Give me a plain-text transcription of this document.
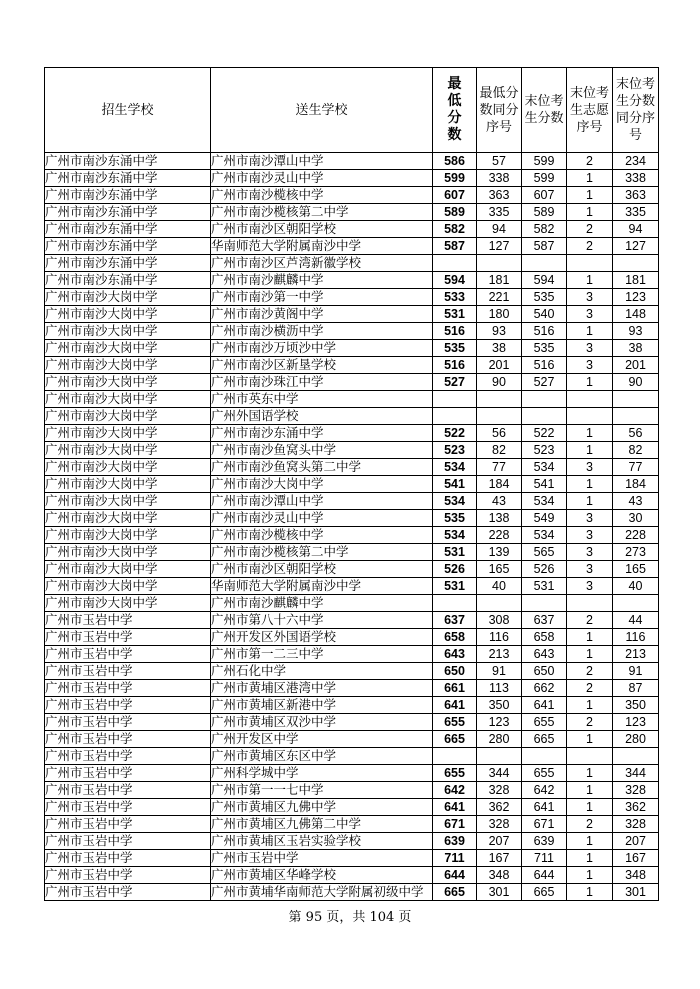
招生学校	送生学校	最低分数	最低分数同分序号	末位考生分数	末位考生志愿序号	末位考生分数同分序号

广州市南沙东涌中学	广州市南沙潭山中学	586	57	599	2	234
广州市南沙东涌中学	广州市南沙灵山中学	599	338	599	1	338
广州市南沙东涌中学	广州市南沙榄核中学	607	363	607	1	363
广州市南沙东涌中学	广州市南沙榄核第二中学	589	335	589	1	335
广州市南沙东涌中学	广州市南沙区朝阳学校	582	94	582	2	94
广州市南沙东涌中学	华南师范大学附属南沙中学	587	127	587	2	127
广州市南沙东涌中学	广州市南沙区芦湾新徽学校					
广州市南沙东涌中学	广州市南沙麒麟中学	594	181	594	1	181
广州市南沙大岗中学	广州市南沙第一中学	533	221	535	3	123
广州市南沙大岗中学	广州市南沙黄阁中学	531	180	540	3	148
广州市南沙大岗中学	广州市南沙横沥中学	516	93	516	1	93
广州市南沙大岗中学	广州市南沙万顷沙中学	535	38	535	3	38
广州市南沙大岗中学	广州市南沙区新垦学校	516	201	516	3	201
广州市南沙大岗中学	广州市南沙珠江中学	527	90	527	1	90
广州市南沙大岗中学	广州市英东中学					
广州市南沙大岗中学	广州外国语学校					
广州市南沙大岗中学	广州市南沙东涌中学	522	56	522	1	56
广州市南沙大岗中学	广州市南沙鱼窝头中学	523	82	523	1	82
广州市南沙大岗中学	广州市南沙鱼窝头第二中学	534	77	534	3	77
广州市南沙大岗中学	广州市南沙大岗中学	541	184	541	1	184
广州市南沙大岗中学	广州市南沙潭山中学	534	43	534	1	43
广州市南沙大岗中学	广州市南沙灵山中学	535	138	549	3	30
广州市南沙大岗中学	广州市南沙榄核中学	534	228	534	3	228
广州市南沙大岗中学	广州市南沙榄核第二中学	531	139	565	3	273
广州市南沙大岗中学	广州市南沙区朝阳学校	526	165	526	3	165
广州市南沙大岗中学	华南师范大学附属南沙中学	531	40	531	3	40
广州市南沙大岗中学	广州市南沙麒麟中学					
广州市玉岩中学	广州市第八十六中学	637	308	637	2	44
广州市玉岩中学	广州开发区外国语学校	658	116	658	1	116
广州市玉岩中学	广州市第一二三中学	643	213	643	1	213
广州市玉岩中学	广州石化中学	650	91	650	2	91
广州市玉岩中学	广州市黄埔区港湾中学	661	113	662	2	87
广州市玉岩中学	广州市黄埔区新港中学	641	350	641	1	350
广州市玉岩中学	广州市黄埔区双沙中学	655	123	655	2	123
广州市玉岩中学	广州开发区中学	665	280	665	1	280
广州市玉岩中学	广州市黄埔区东区中学					
广州市玉岩中学	广州科学城中学	655	344	655	1	344
广州市玉岩中学	广州市第一一七中学	642	328	642	1	328
广州市玉岩中学	广州市黄埔区九佛中学	641	362	641	1	362
广州市玉岩中学	广州市黄埔区九佛第二中学	671	328	671	2	328
广州市玉岩中学	广州市黄埔区玉岩实验学校	639	207	639	1	207
广州市玉岩中学	广州市玉岩中学	711	167	711	1	167
广州市玉岩中学	广州市黄埔区华峰学校	644	348	644	1	348
广州市玉岩中学	广州市黄埔华南师范大学附属初级中学	665	301	665	1	301
第 95 页，共 104 页
